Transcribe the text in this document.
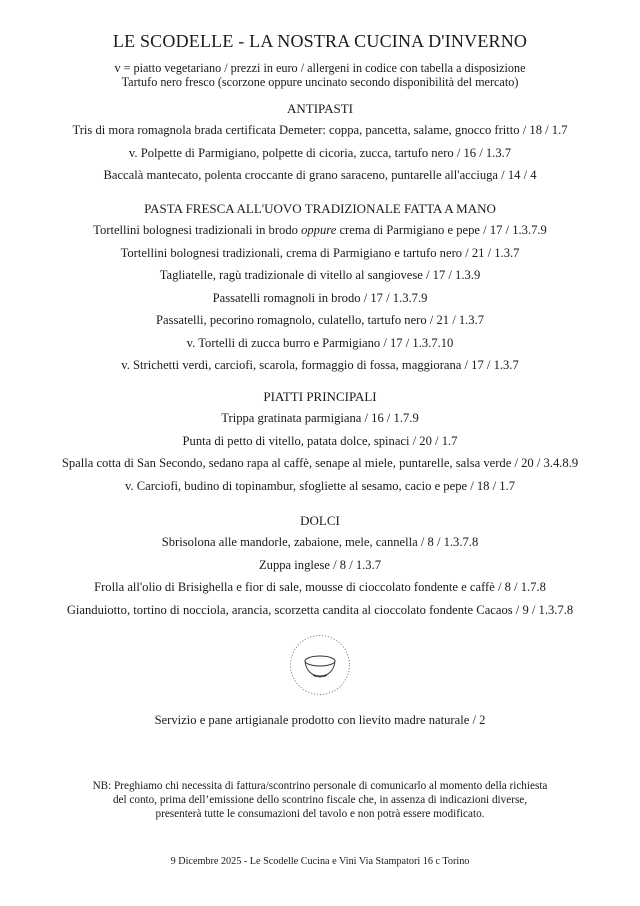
LE SCODELLE - LA NOSTRA CUCINA D'INVERNO
v = piatto vegetariano / prezzi in euro / allergeni in codice con tabella a disposizione
Tartufo nero fresco (scorzone oppure uncinato secondo disponibilità del mercato)
ANTIPASTI
Tris di mora romagnola brada certificata Demeter: coppa, pancetta, salame, gnocco fritto / 18 / 1.7
v. Polpette di Parmigiano, polpette di cicoria, zucca, tartufo nero / 16 / 1.3.7
Baccalà mantecato, polenta croccante di grano saraceno, puntarelle all'acciuga / 14 / 4
PASTA FRESCA ALL'UOVO TRADIZIONALE FATTA A MANO
Tortellini bolognesi tradizionali in brodo oppure crema di Parmigiano e pepe / 17 / 1.3.7.9
Tortellini bolognesi tradizionali, crema di Parmigiano e tartufo nero / 21 / 1.3.7
Tagliatelle, ragù tradizionale di vitello al sangiovese / 17 / 1.3.9
Passatelli romagnoli in brodo / 17 / 1.3.7.9
Passatelli, pecorino romagnolo, culatello, tartufo nero / 21 / 1.3.7
v. Tortelli di zucca burro e Parmigiano / 17 / 1.3.7.10
v. Strichetti verdi, carciofi, scarola, formaggio di fossa, maggiorana / 17 / 1.3.7
PIATTI PRINCIPALI
Trippa gratinata parmigiana / 16 / 1.7.9
Punta di petto di vitello, patata dolce, spinaci / 20 / 1.7
Spalla cotta di San Secondo, sedano rapa al caffè, senape al miele, puntarelle, salsa verde / 20 / 3.4.8.9
v. Carciofi, budino di topinambur, sfogliette al sesamo, cacio e pepe / 18 / 1.7
DOLCI
Sbrisolona alle mandorle, zabaione, mele, cannella / 8 / 1.3.7.8
Zuppa inglese / 8 / 1.3.7
Frolla all'olio di Brisighella e fior di sale, mousse di cioccolato fondente e caffè / 8 / 1.7.8
Gianduiotto, tortino di nocciola, arancia, scorzetta candita al cioccolato fondente Cacaos / 9 / 1.3.7.8
Servizio e pane artigianale prodotto con lievito madre naturale / 2
NB: Preghiamo chi necessita di fattura/scontrino personale di comunicarlo al momento della richiesta
del conto, prima dell’emissione dello scontrino fiscale che, in assenza di indicazioni diverse,
presenterà tutte le consumazioni del tavolo e non potrà essere modificato.
9 Dicembre 2025 - Le Scodelle Cucina e Vini Via Stampatori 16 c Torino
